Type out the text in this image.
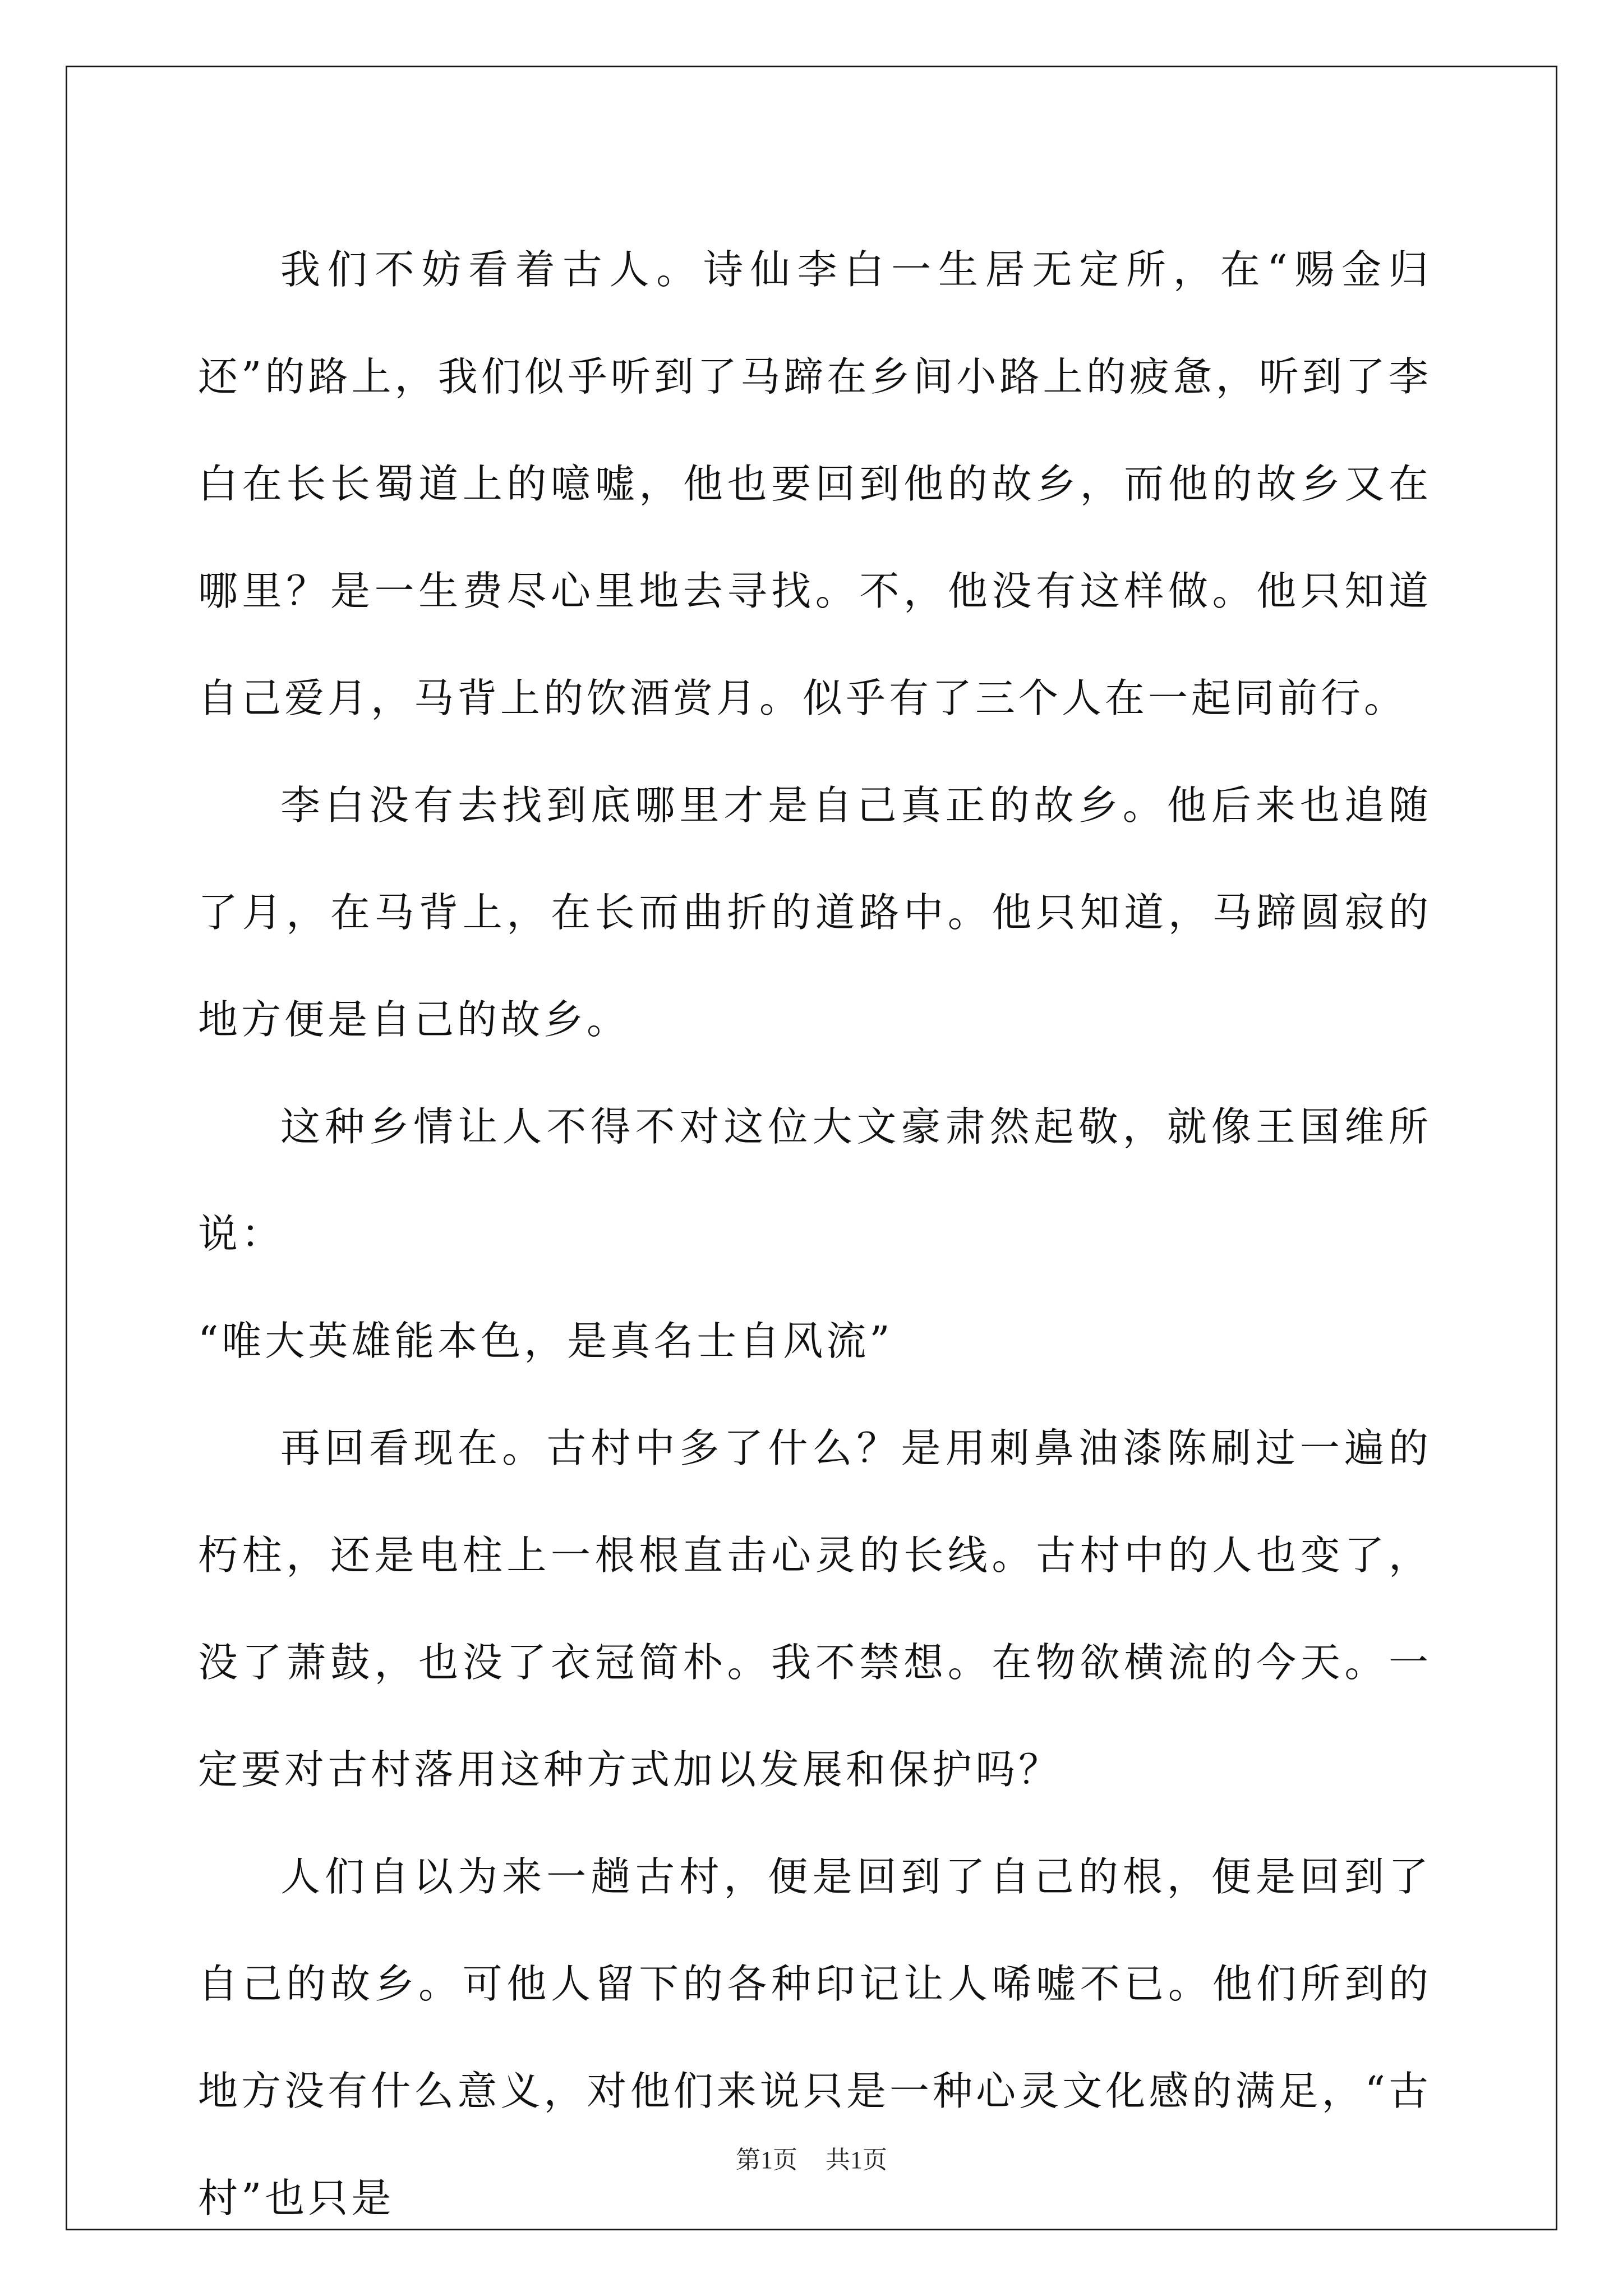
我们不妨看着古人。诗仙李白一生居无定所，在“赐金归还”的路上，我们似乎听到了马蹄在乡间小路上的疲惫，听到了李白在长长蜀道上的噫嘘，他也要回到他的故乡，而他的故乡又在哪里？是一生费尽心里地去寻找。不，他没有这样做。他只知道自己爱月，马背上的饮酒赏月。似乎有了三个人在一起同前行。

李白没有去找到底哪里才是自己真正的故乡。他后来也追随了月，在马背上，在长而曲折的道路中。他只知道，马蹄圆寂的地方便是自己的故乡。

这种乡情让人不得不对这位大文豪肃然起敬，就像王国维所说：

“唯大英雄能本色，是真名士自风流”

再回看现在。古村中多了什么？是用刺鼻油漆陈刷过一遍的朽柱，还是电柱上一根根直击心灵的长线。古村中的人也变了，没了萧鼓，也没了衣冠简朴。我不禁想。在物欲横流的今天。一定要对古村落用这种方式加以发展和保护吗？

人们自以为来一趟古村，便是回到了自己的根，便是回到了自己的故乡。可他人留下的各种印记让人唏嘘不已。他们所到的地方没有什么意义，对他们来说只是一种心灵文化感的满足，“古村”也只是

第1页 共1页
